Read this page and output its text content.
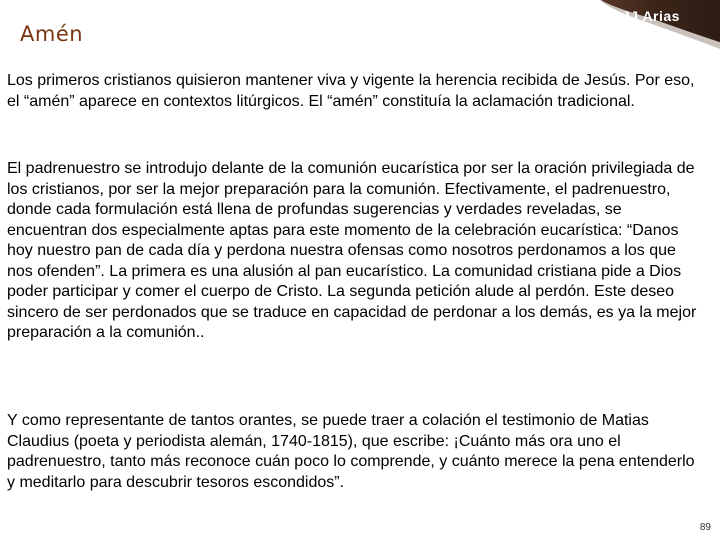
JJ Arias
Amén

Los primeros cristianos quisieron mantener viva y vigente la herencia recibida de Jesús. Por eso, el “amén” aparece en contextos litúrgicos. El “amén” constituía la aclamación tradicional.

El padrenuestro se introdujo delante de la comunión eucarística por ser la oración privilegiada de los cristianos, por ser la mejor preparación para la comunión. Efectivamente, el padrenuestro, donde cada formulación está llena de profundas sugerencias y verdades reveladas, se encuentran dos especialmente aptas para este momento de la celebración eucarística: “Danos hoy nuestro pan de cada día y perdona nuestra ofensas como nosotros perdonamos a los que nos ofenden”. La primera es una alusión al pan eucarístico. La comunidad cristiana pide a Dios poder participar y comer el cuerpo de Cristo. La segunda petición alude al perdón. Este deseo sincero de ser perdonados que se traduce en capacidad de perdonar a los demás, es ya la mejor preparación a la comunión..

Y como representante de tantos orantes, se puede traer a colación el testimonio de Matias Claudius (poeta y periodista alemán, 1740-1815), que escribe: ¡Cuánto más ora uno el padrenuestro, tanto más reconoce cuán poco lo comprende, y cuánto merece la pena entenderlo y meditarlo para descubrir tesoros escondidos”.

89
